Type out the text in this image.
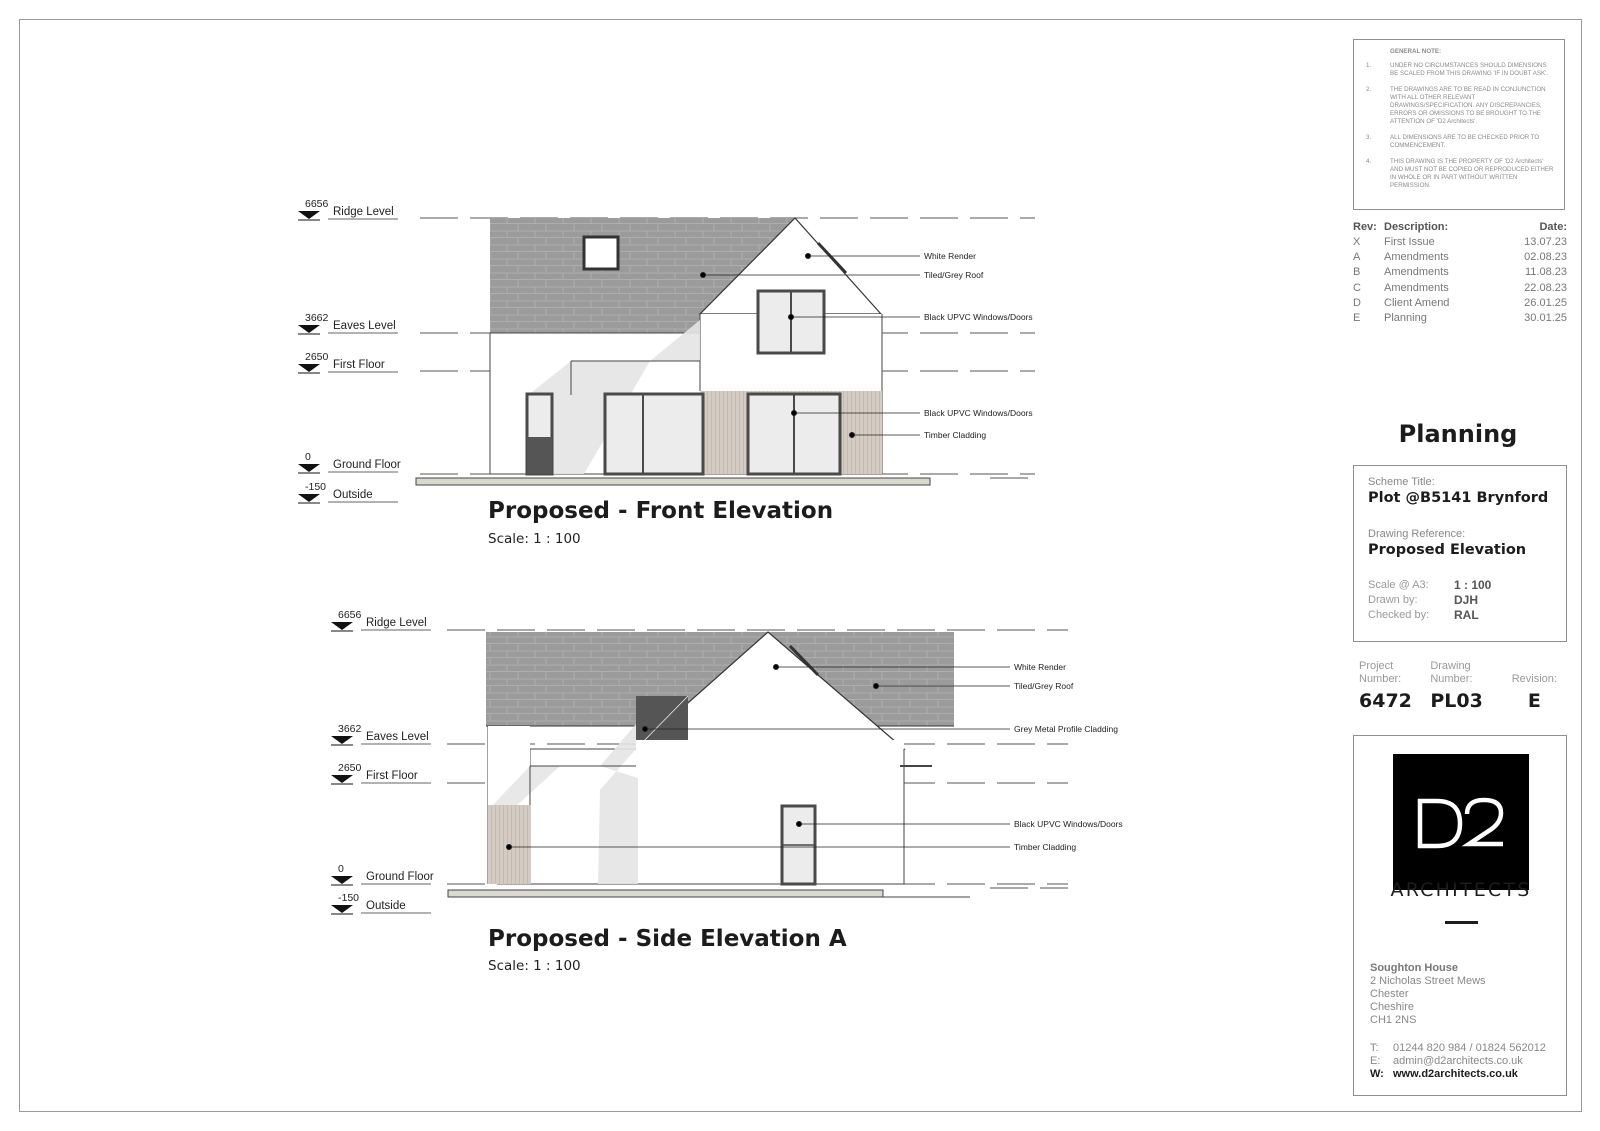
6656
Ridge Level
3662
Eaves Level
2650
First Floor
0
Ground Floor
-150
Outside
6656
Ridge Level
3662
Eaves Level
2650
First Floor
0
Ground Floor
-150
Outside
White Render
Tiled/Grey Roof
Black UPVC Windows/Doors
Black UPVC Windows/Doors
Timber Cladding
White Render
Tiled/Grey Roof
Grey Metal Profile Cladding
Black UPVC Windows/Doors
Timber Cladding
Proposed - Front Elevation
Scale: 1 : 100
Proposed - Side Elevation A
Scale: 1 : 100
GENERAL NOTE:
1.	UNDER NO CIRCUMSTANCES SHOULD DIMENSIONS BE SCALED FROM THIS DRAWING 'IF IN DOUBT ASK'.
2.	THE DRAWINGS ARE TO BE READ IN CONJUNCTION WITH ALL OTHER RELEVANT DRAWINGS/SPECIFICATION. ANY DISCREPANCIES, ERRORS OR OMISSIONS TO BE BROUGHT TO THE ATTENTION OF 'D2 Architects'.
3.	ALL DIMENSIONS ARE TO BE CHECKED PRIOR TO COMMENCEMENT.
4.	THIS DRAWING IS THE PROPERTY OF 'D2 Architects' AND MUST NOT BE COPIED OR REPRODUCED EITHER IN WHOLE OR IN PART WITHOUT WRITTEN PERMISSION.
Rev: Description:	Date:
X	First Issue	13.07.23
A	Amendments	02.08.23
B	Amendments	11.08.23
C	Amendments	22.08.23
D	Client Amend	26.01.25
E	Planning	30.01.25
Planning
Scheme Title:
Plot @B5141 Brynford
Drawing Reference:
Proposed Elevation
Scale @ A3:	1 : 100
Drawn by:	DJH
Checked by:	RAL
Project
Number:
6472
Drawing
Number:
PL03
Revision:
E
ARCHITECTS
Soughton House
2 Nicholas Street Mews
Chester
Cheshire
CH1 2NS
T:	01244 820 984 / 01824 562012
E:	admin@d2architects.co.uk
W: www.d2architects.co.uk
